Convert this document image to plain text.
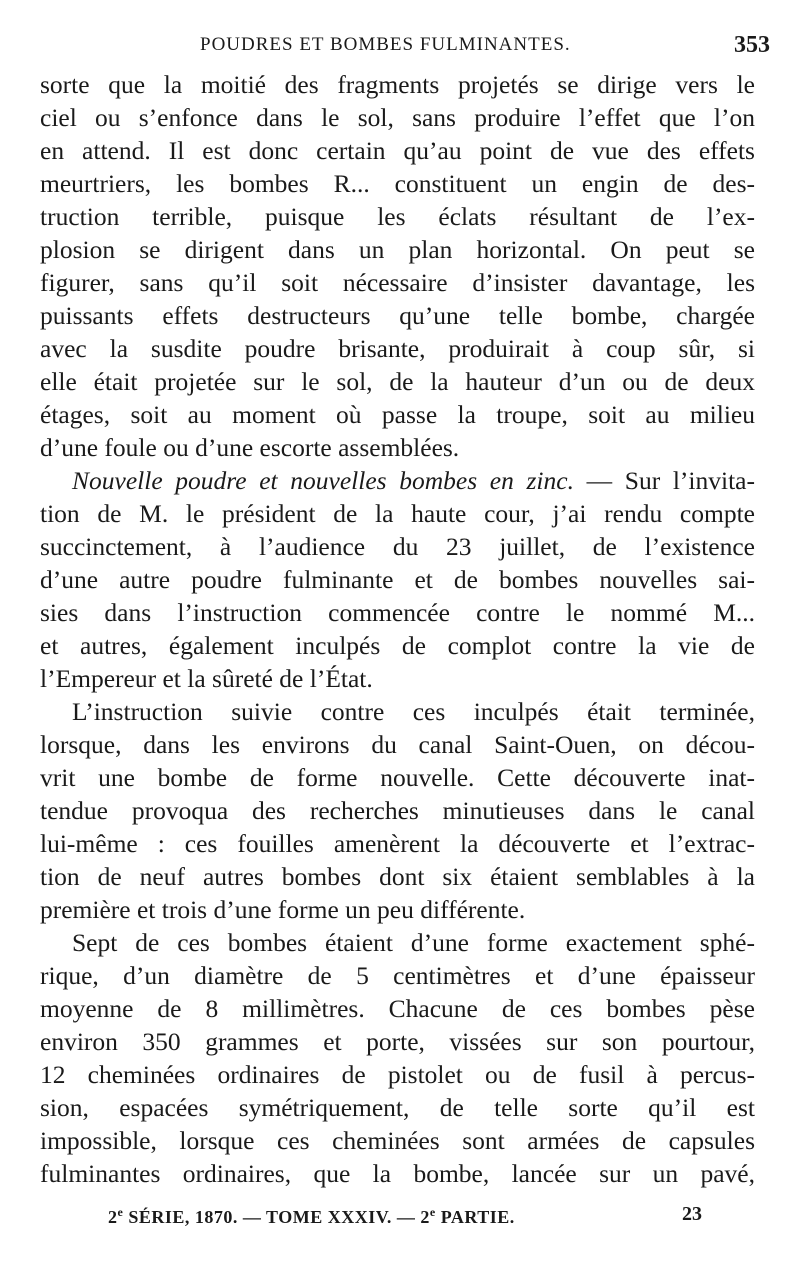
POUDRES ET BOMBES FULMINANTES.	353
sorte que la moitié des fragments projetés se dirige vers le
ciel ou s’enfonce dans le sol, sans produire l’effet que l’on
en attend. Il est donc certain qu’au point de vue des effets
meurtriers, les bombes R... constituent un engin de des-
truction terrible, puisque les éclats résultant de l’ex-
plosion se dirigent dans un plan horizontal. On peut se
figurer, sans qu’il soit nécessaire d’insister davantage, les
puissants effets destructeurs qu’une telle bombe, chargée
avec la susdite poudre brisante, produirait à coup sûr, si
elle était projetée sur le sol, de la hauteur d’un ou de deux
étages, soit au moment où passe la troupe, soit au milieu
d’une foule ou d’une escorte assemblées.
Nouvelle poudre et nouvelles bombes en zinc. — Sur l’invita-
tion de M. le président de la haute cour, j’ai rendu compte
succinctement, à l’audience du 23 juillet, de l’existence
d’une autre poudre fulminante et de bombes nouvelles sai-
sies dans l’instruction commencée contre le nommé M...
et autres, également inculpés de complot contre la vie de
l’Empereur et la sûreté de l’État.
L’instruction suivie contre ces inculpés était terminée,
lorsque, dans les environs du canal Saint-Ouen, on décou-
vrit une bombe de forme nouvelle. Cette découverte inat-
tendue provoqua des recherches minutieuses dans le canal
lui-même : ces fouilles amenèrent la découverte et l’extrac-
tion de neuf autres bombes dont six étaient semblables à la
première et trois d’une forme un peu différente.
Sept de ces bombes étaient d’une forme exactement sphé-
rique, d’un diamètre de 5 centimètres et d’une épaisseur
moyenne de 8 millimètres. Chacune de ces bombes pèse
environ 350 grammes et porte, vissées sur son pourtour,
12 cheminées ordinaires de pistolet ou de fusil à percus-
sion, espacées symétriquement, de telle sorte qu’il est
impossible, lorsque ces cheminées sont armées de capsules
fulminantes ordinaires, que la bombe, lancée sur un pavé,
2e SÉRIE, 1870. — TOME XXXIV. — 2e PARTIE.	23
